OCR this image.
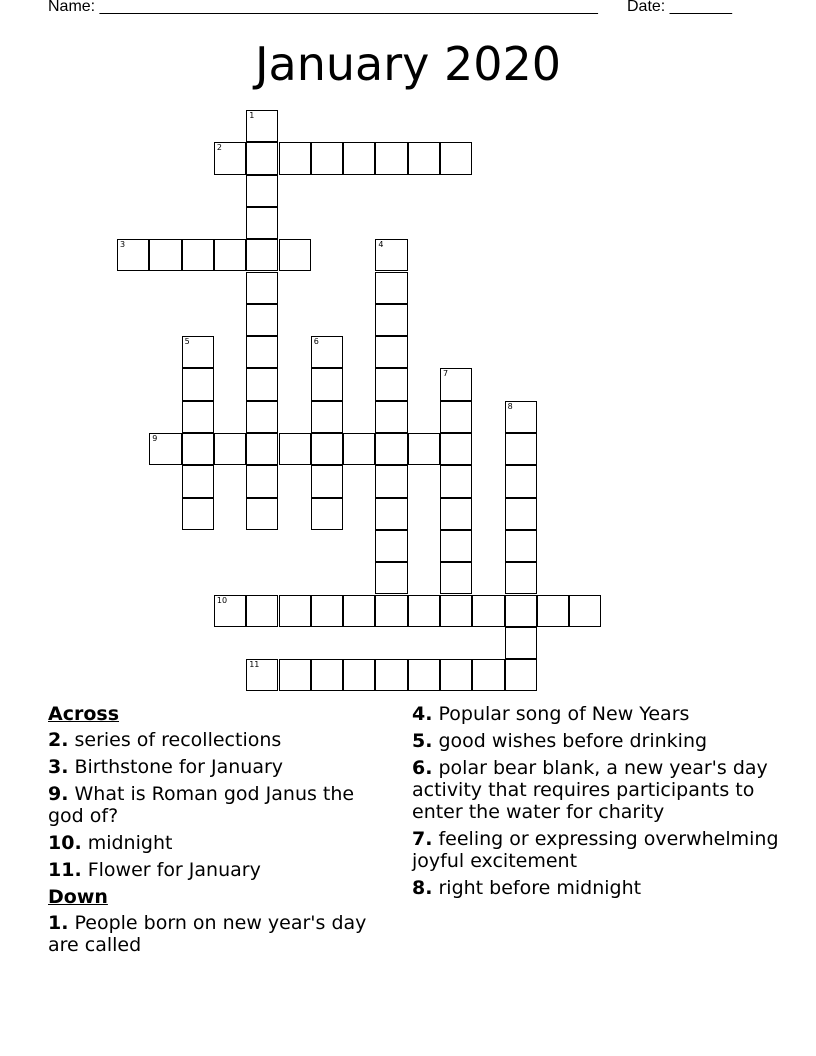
Name: ________________________________________________________ Date: _______
January 2020
1
2
3	4
5	6
7
8
9
10
11
Across
2. series of recollections
3. Birthstone for January
9. What is Roman god Janus the god of?
10. midnight
11. Flower for January
Down
1. People born on new year's day are called
4. Popular song of New Years
5. good wishes before drinking
6. polar bear blank, a new year's day activity that requires participants to enter the water for charity
7. feeling or expressing overwhelming joyful excitement
8. right before midnight
